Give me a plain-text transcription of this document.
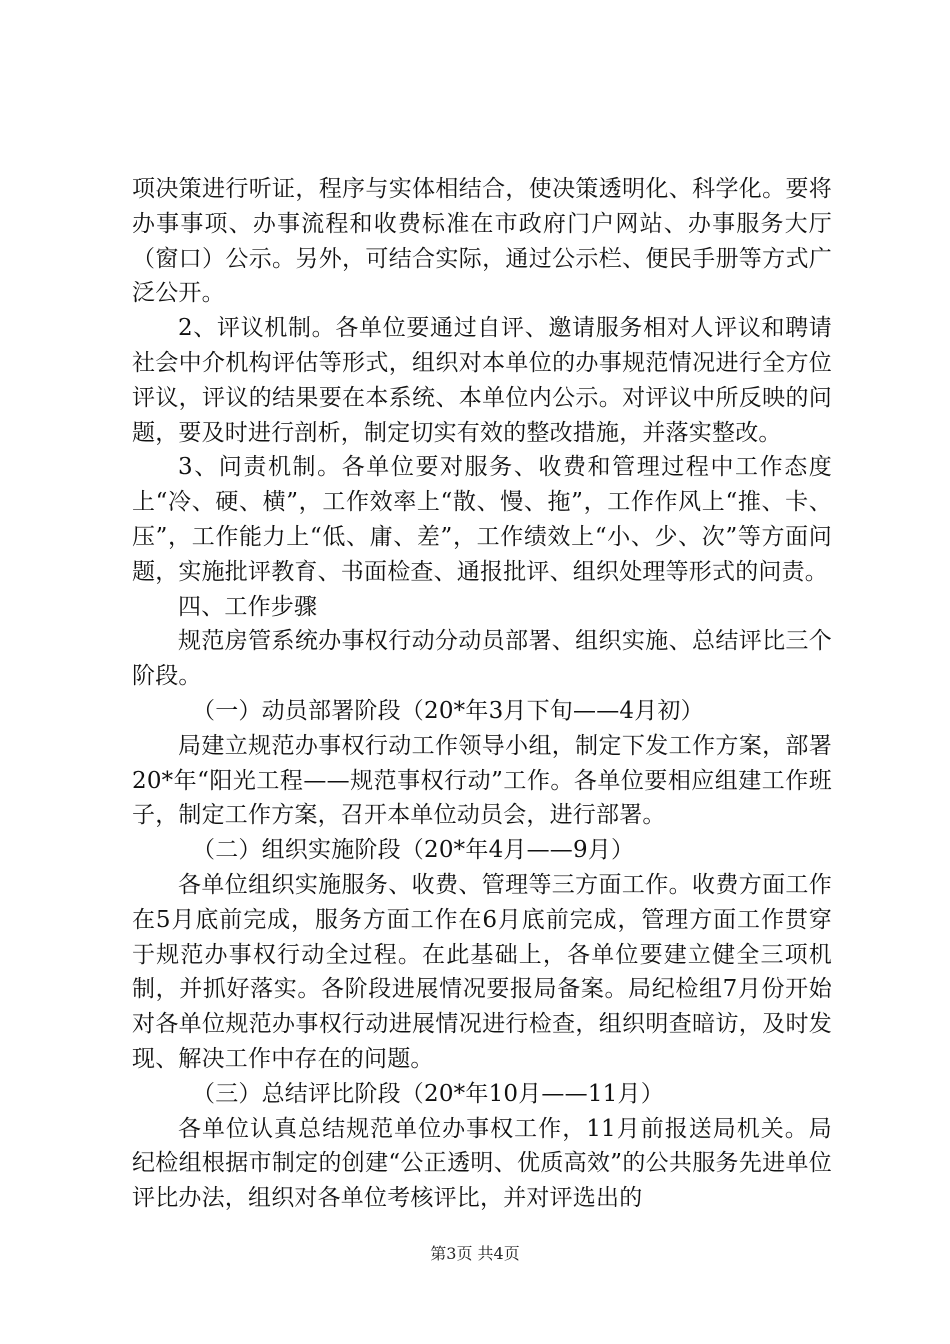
项决策进行听证，程序与实体相结合，使决策透明化、科学化。要将办事事项、办事流程和收费标准在市政府门户网站、办事服务大厅（窗口）公示。另外，可结合实际，通过公示栏、便民手册等方式广泛公开。

2、评议机制。各单位要通过自评、邀请服务相对人评议和聘请社会中介机构评估等形式，组织对本单位的办事规范情况进行全方位评议，评议的结果要在本系统、本单位内公示。对评议中所反映的问题，要及时进行剖析，制定切实有效的整改措施，并落实整改。

3、问责机制。各单位要对服务、收费和管理过程中工作态度上“冷、硬、横”，工作效率上“散、慢、拖”，工作作风上“推、卡、压”，工作能力上“低、庸、差”，工作绩效上“小、少、次”等方面问题，实施批评教育、书面检查、通报批评、组织处理等形式的问责。

四、工作步骤

规范房管系统办事权行动分动员部署、组织实施、总结评比三个阶段。

（一）动员部署阶段（20*年3月下旬——4月初）

局建立规范办事权行动工作领导小组，制定下发工作方案，部署20*年“阳光工程——规范事权行动”工作。各单位要相应组建工作班子，制定工作方案，召开本单位动员会，进行部署。

（二）组织实施阶段（20*年4月——9月）

各单位组织实施服务、收费、管理等三方面工作。收费方面工作在5月底前完成，服务方面工作在6月底前完成，管理方面工作贯穿于规范办事权行动全过程。在此基础上，各单位要建立健全三项机制，并抓好落实。各阶段进展情况要报局备案。局纪检组7月份开始对各单位规范办事权行动进展情况进行检查，组织明查暗访，及时发现、解决工作中存在的问题。

（三）总结评比阶段（20*年10月——11月）

各单位认真总结规范单位办事权工作，11月前报送局机关。局纪检组根据市制定的创建“公正透明、优质高效”的公共服务先进单位评比办法，组织对各单位考核评比，并对评选出的

第3页 共4页
